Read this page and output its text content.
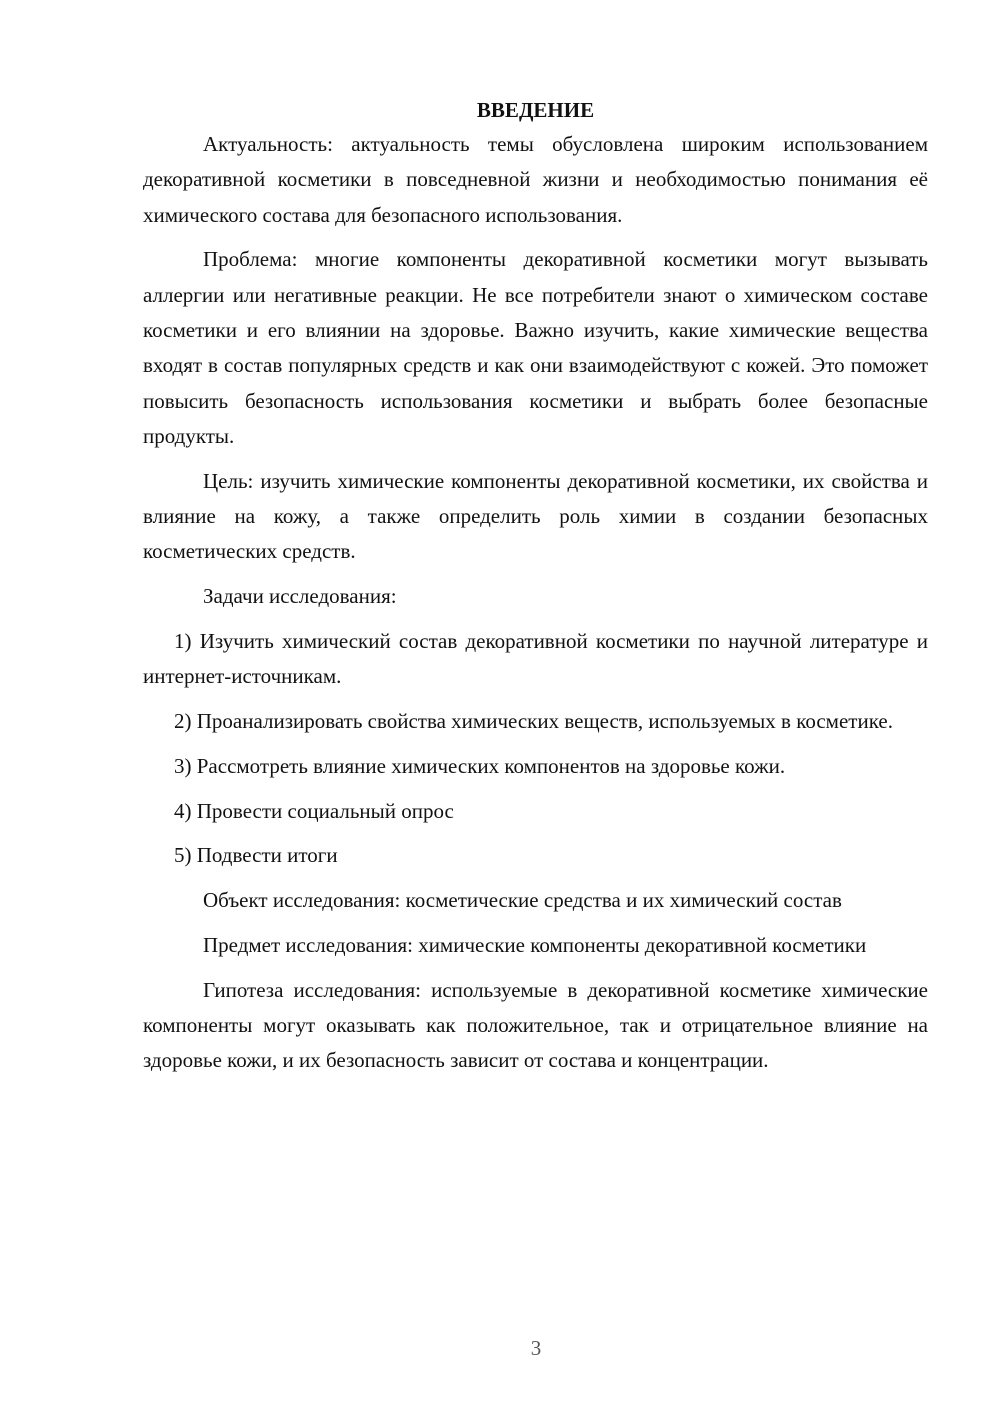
ВВЕДЕНИЕ

Актуальность: актуальность темы обусловлена широким использованием декоративной косметики в повседневной жизни и необходимостью понимания её химического состава для безопасного использования.

Проблема: многие компоненты декоративной косметики могут вызывать аллергии или негативные реакции. Не все потребители знают о химическом составе косметики и его влиянии на здоровье. Важно изучить, какие химические вещества входят в состав популярных средств и как они взаимодействуют с кожей. Это поможет повысить безопасность использования косметики и выбрать более безопасные продукты.

Цель: изучить химические компоненты декоративной косметики, их свойства и влияние на кожу, а также определить роль химии в создании безопасных косметических средств.

Задачи исследования:

1) Изучить химический состав декоративной косметики по научной литературе и интернет-источникам.

2) Проанализировать свойства химических веществ, используемых в косметике.

3) Рассмотреть влияние химических компонентов на здоровье кожи.

4) Провести социальный опрос

5) Подвести итоги

Объект исследования: косметические средства и их химический состав

Предмет исследования: химические компоненты декоративной косметики

Гипотеза исследования: используемые в декоративной косметике химические компоненты могут оказывать как положительное, так и отрицательное влияние на здоровье кожи, и их безопасность зависит от состава и концентрации.

3
